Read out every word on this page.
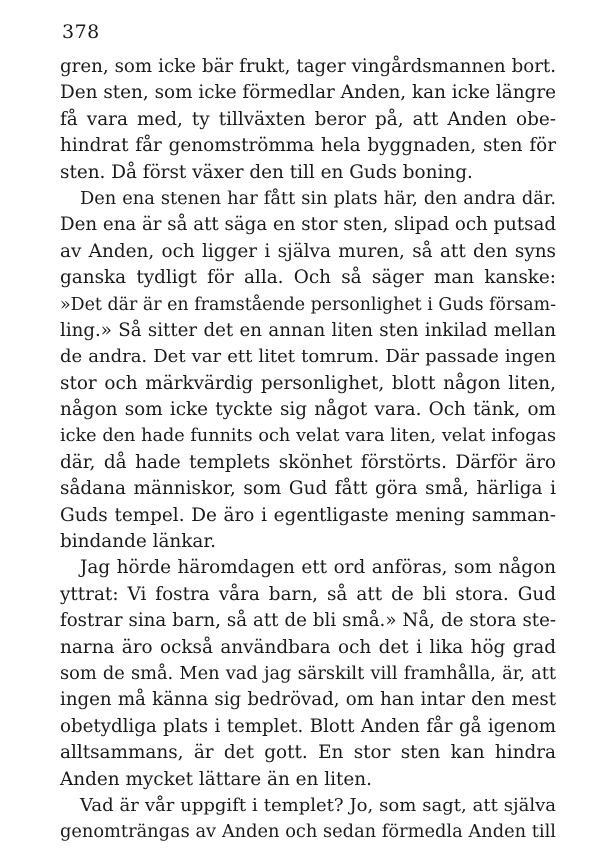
378
gren, som icke bär frukt, tager vingårdsmannen bort.
Den sten, som icke förmedlar Anden, kan icke längre
få vara med, ty tillväxten beror på, att Anden obe-
hindrat får genomströmma hela byggnaden, sten för
sten. Då först växer den till en Guds boning.
Den ena stenen har fått sin plats här, den andra där.
Den ena är så att säga en stor sten, slipad och putsad
av Anden, och ligger i själva muren, så att den syns
ganska tydligt för alla. Och så säger man kanske:
»Det där är en framstående personlighet i Guds försam-
ling.» Så sitter det en annan liten sten inkilad mellan
de andra. Det var ett litet tomrum. Där passade ingen
stor och märkvärdig personlighet, blott någon liten,
någon som icke tyckte sig något vara. Och tänk, om
icke den hade funnits och velat vara liten, velat infogas
där, då hade templets skönhet förstörts. Därför äro
sådana människor, som Gud fått göra små, härliga i
Guds tempel. De äro i egentligaste mening samman-
bindande länkar.
Jag hörde häromdagen ett ord anföras, som någon
yttrat: Vi fostra våra barn, så att de bli stora. Gud
fostrar sina barn, så att de bli små.» Nå, de stora ste-
narna äro också användbara och det i lika hög grad
som de små. Men vad jag särskilt vill framhålla, är, att
ingen må känna sig bedrövad, om han intar den mest
obetydliga plats i templet. Blott Anden får gå igenom
alltsammans, är det gott. En stor sten kan hindra
Anden mycket lättare än en liten.
Vad är vår uppgift i templet? Jo, som sagt, att själva
genomträngas av Anden och sedan förmedla Anden till
